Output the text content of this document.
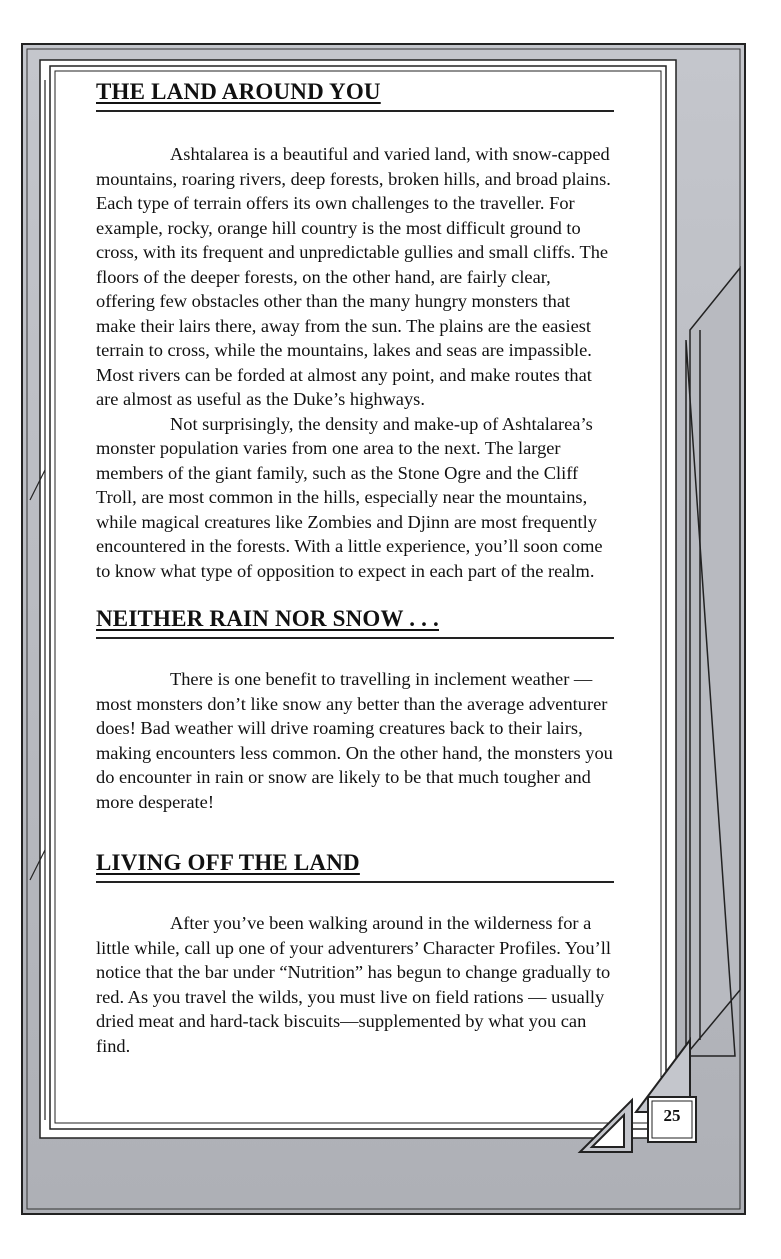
THE LAND AROUND YOU

Ashtalarea is a beautiful and varied land, with snow-capped mountains, roaring rivers, deep forests, broken hills, and broad plains. Each type of terrain offers its own challenges to the traveller. For example, rocky, orange hill country is the most difficult ground to cross, with its frequent and unpredictable gullies and small cliffs. The floors of the deeper forests, on the other hand, are fairly clear, offering few obstacles other than the many hungry monsters that make their lairs there, away from the sun. The plains are the easiest terrain to cross, while the mountains, lakes and seas are impassible. Most rivers can be forded at almost any point, and make routes that are almost as useful as the Duke’s highways.

Not surprisingly, the density and make-up of Ashtalarea’s monster population varies from one area to the next. The larger members of the giant family, such as the Stone Ogre and the Cliff Troll, are most common in the hills, especially near the mountains, while magical creatures like Zombies and Djinn are most frequently encountered in the forests. With a little experience, you’ll soon come to know what type of opposition to expect in each part of the realm.

NEITHER RAIN NOR SNOW . . .

There is one benefit to travelling in inclement weather — most monsters don’t like snow any better than the average adventurer does! Bad weather will drive roaming creatures back to their lairs, making encounters less common. On the other hand, the monsters you do encounter in rain or snow are likely to be that much tougher and more desperate!

LIVING OFF THE LAND

After you’ve been walking around in the wilderness for a little while, call up one of your adventurers’ Character Profiles. You’ll notice that the bar under “Nutrition” has begun to change gradually to red. As you travel the wilds, you must live on field rations — usually dried meat and hard-tack biscuits—supplemented by what you can find.

25
